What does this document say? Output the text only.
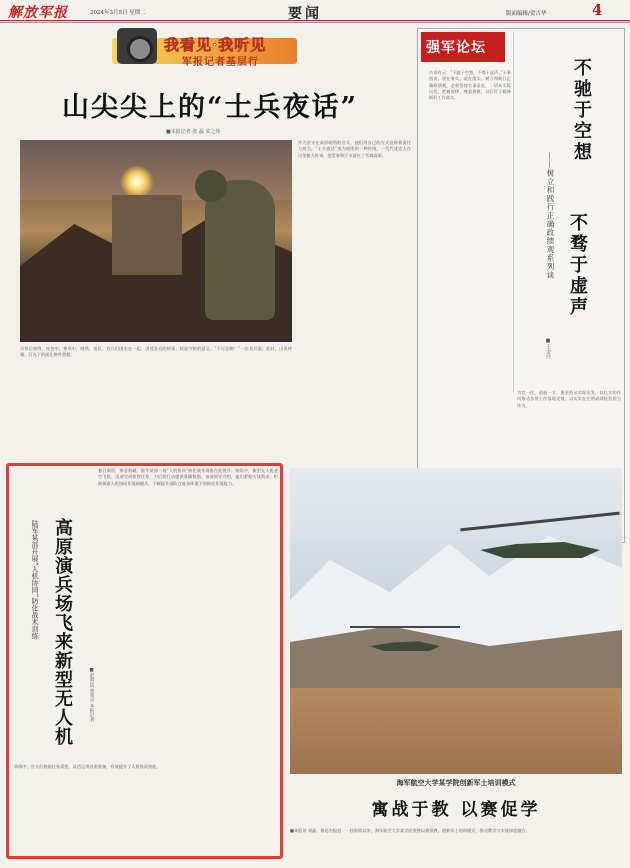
解放军报	2024年3月5日 星期二	要闻	版面编辑/贺吉华	4
我看见·我听见
军报记者基层行
山尖尖上的“士兵夜话”
■本报记者 张 磊 朱之炜
早饭后照例，夜色中，寒风中，哨所，连队，官兵们围坐在一起，讲述各自的故事，叙说守防的意义。“不可忘啊！”一位老兵说。此时，山风呼啸，灯光下的面孔格外坚毅。
作为驻守在高原哨所的官兵，他们用自己的方式诠释着责任与担当。“士兵夜话”成为哨所的一种传统，一代代戍边人在这里接力传承，把青春和汗水留在了雪域高原。
强军论坛
不驰于空想
不骛于虚声
——树立和践行正确政绩观系列谈
■王金玲
古语有云：“不驰于空想，不骛于虚声。”干事创业，贵在务实，重在落实。树立和践行正确政绩观，必须坚持实事求是，一切从实际出发，把握规律、尊重规律，以钉钉子精神抓好工作落实。
为官一任，造福一方。要坚持从实际出发，以扎实的作风推动各项工作落地见效，以实实在在的成绩检验担当作为。
高原演兵场飞来新型无人机
陆军某部开展“人机协同”防化战术训练
■赵明远 曾希尔 本报记者
春日高原，寒意料峭。陆军某部一场“人机协同”防化战术训练在此展开。演练中，新型无人机凌空飞抵，迅速完成侦察任务，为后续行动提供准确数据。该部领导介绍，他们紧贴实战需求，积极探索人机协同作战新模式，不断提升部队在复杂环境下的防化作战能力。
训练中，官兵们根据任务需要，灵活运用各类装备，有效提升了人机协同效能。
海军航空大学某学院创新军士培训模式
寓战于教 以赛促学
■本报讯 刘鑫、鲁忠杰报道：一段时间以来，海军航空大学某学院坚持以战领教，创新军士培训模式，推动教学与实战深度融合。
